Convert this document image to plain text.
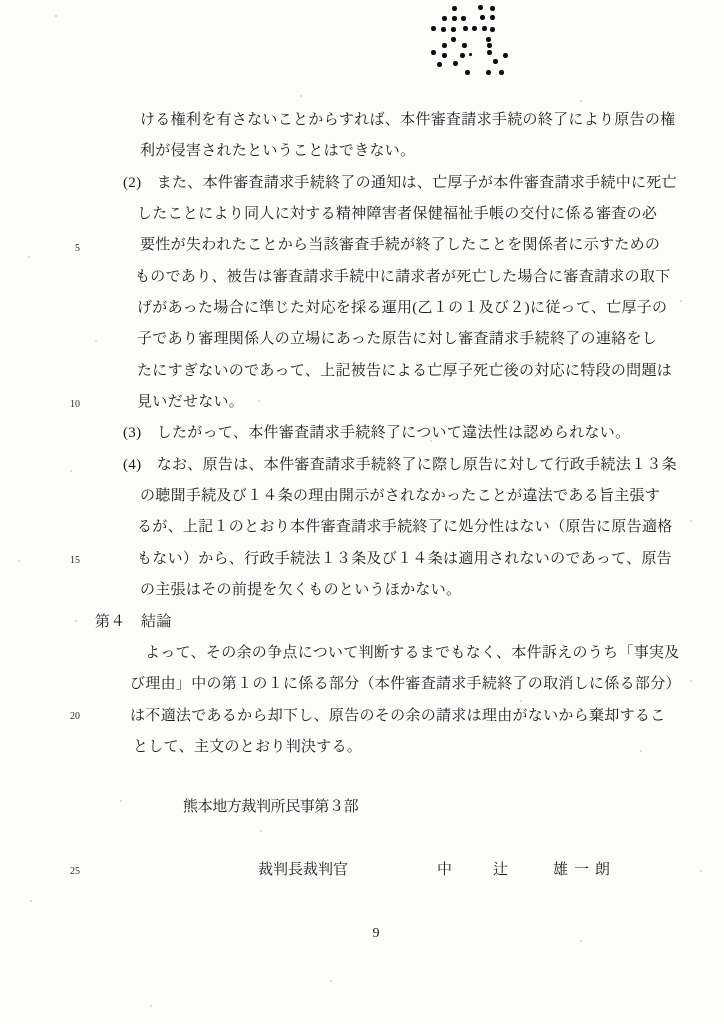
5
10
15
20
25
ける権利を有さないことからすれば、本件審査請求手続の終了により原告の権
利が侵害されたということはできない。
(2)　また、本件審査請求手続終了の通知は、亡厚子が本件審査請求手続中に死亡
したことにより同人に対する精神障害者保健福祉手帳の交付に係る審査の必
要性が失われたことから当該審査手続が終了したことを関係者に示すための
ものであり、被告は審査請求手続中に請求者が死亡した場合に審査請求の取下
げがあった場合に準じた対応を採る運用(乙１の１及び２)に従って、亡厚子の
子であり審理関係人の立場にあった原告に対し審査請求手続終了の連絡をし
たにすぎないのであって、上記被告による亡厚子死亡後の対応に特段の問題は
見いだせない。
(3)　したがって、本件審査請求手続終了について違法性は認められない。
(4)　なお、原告は、本件審査請求手続終了に際し原告に対して行政手続法１３条
の聴聞手続及び１４条の理由開示がされなかったことが違法である旨主張す
るが、上記１のとおり本件審査請求手続終了に処分性はない（原告に原告適格
もない）から、行政手続法１３条及び１４条は適用されないのであって、原告
の主張はその前提を欠くものというほかない。
第４　結論
よって、その余の争点について判断するまでもなく、本件訴えのうち「事実及
び理由」中の第１の１に係る部分（本件審査請求手続終了の取消しに係る部分）
は不適法であるから却下し、原告のその余の請求は理由がないから棄却するこ
として、主文のとおり判決する。
熊本地方裁判所民事第３部
裁判長裁判官	中	辻	雄一朗
9
